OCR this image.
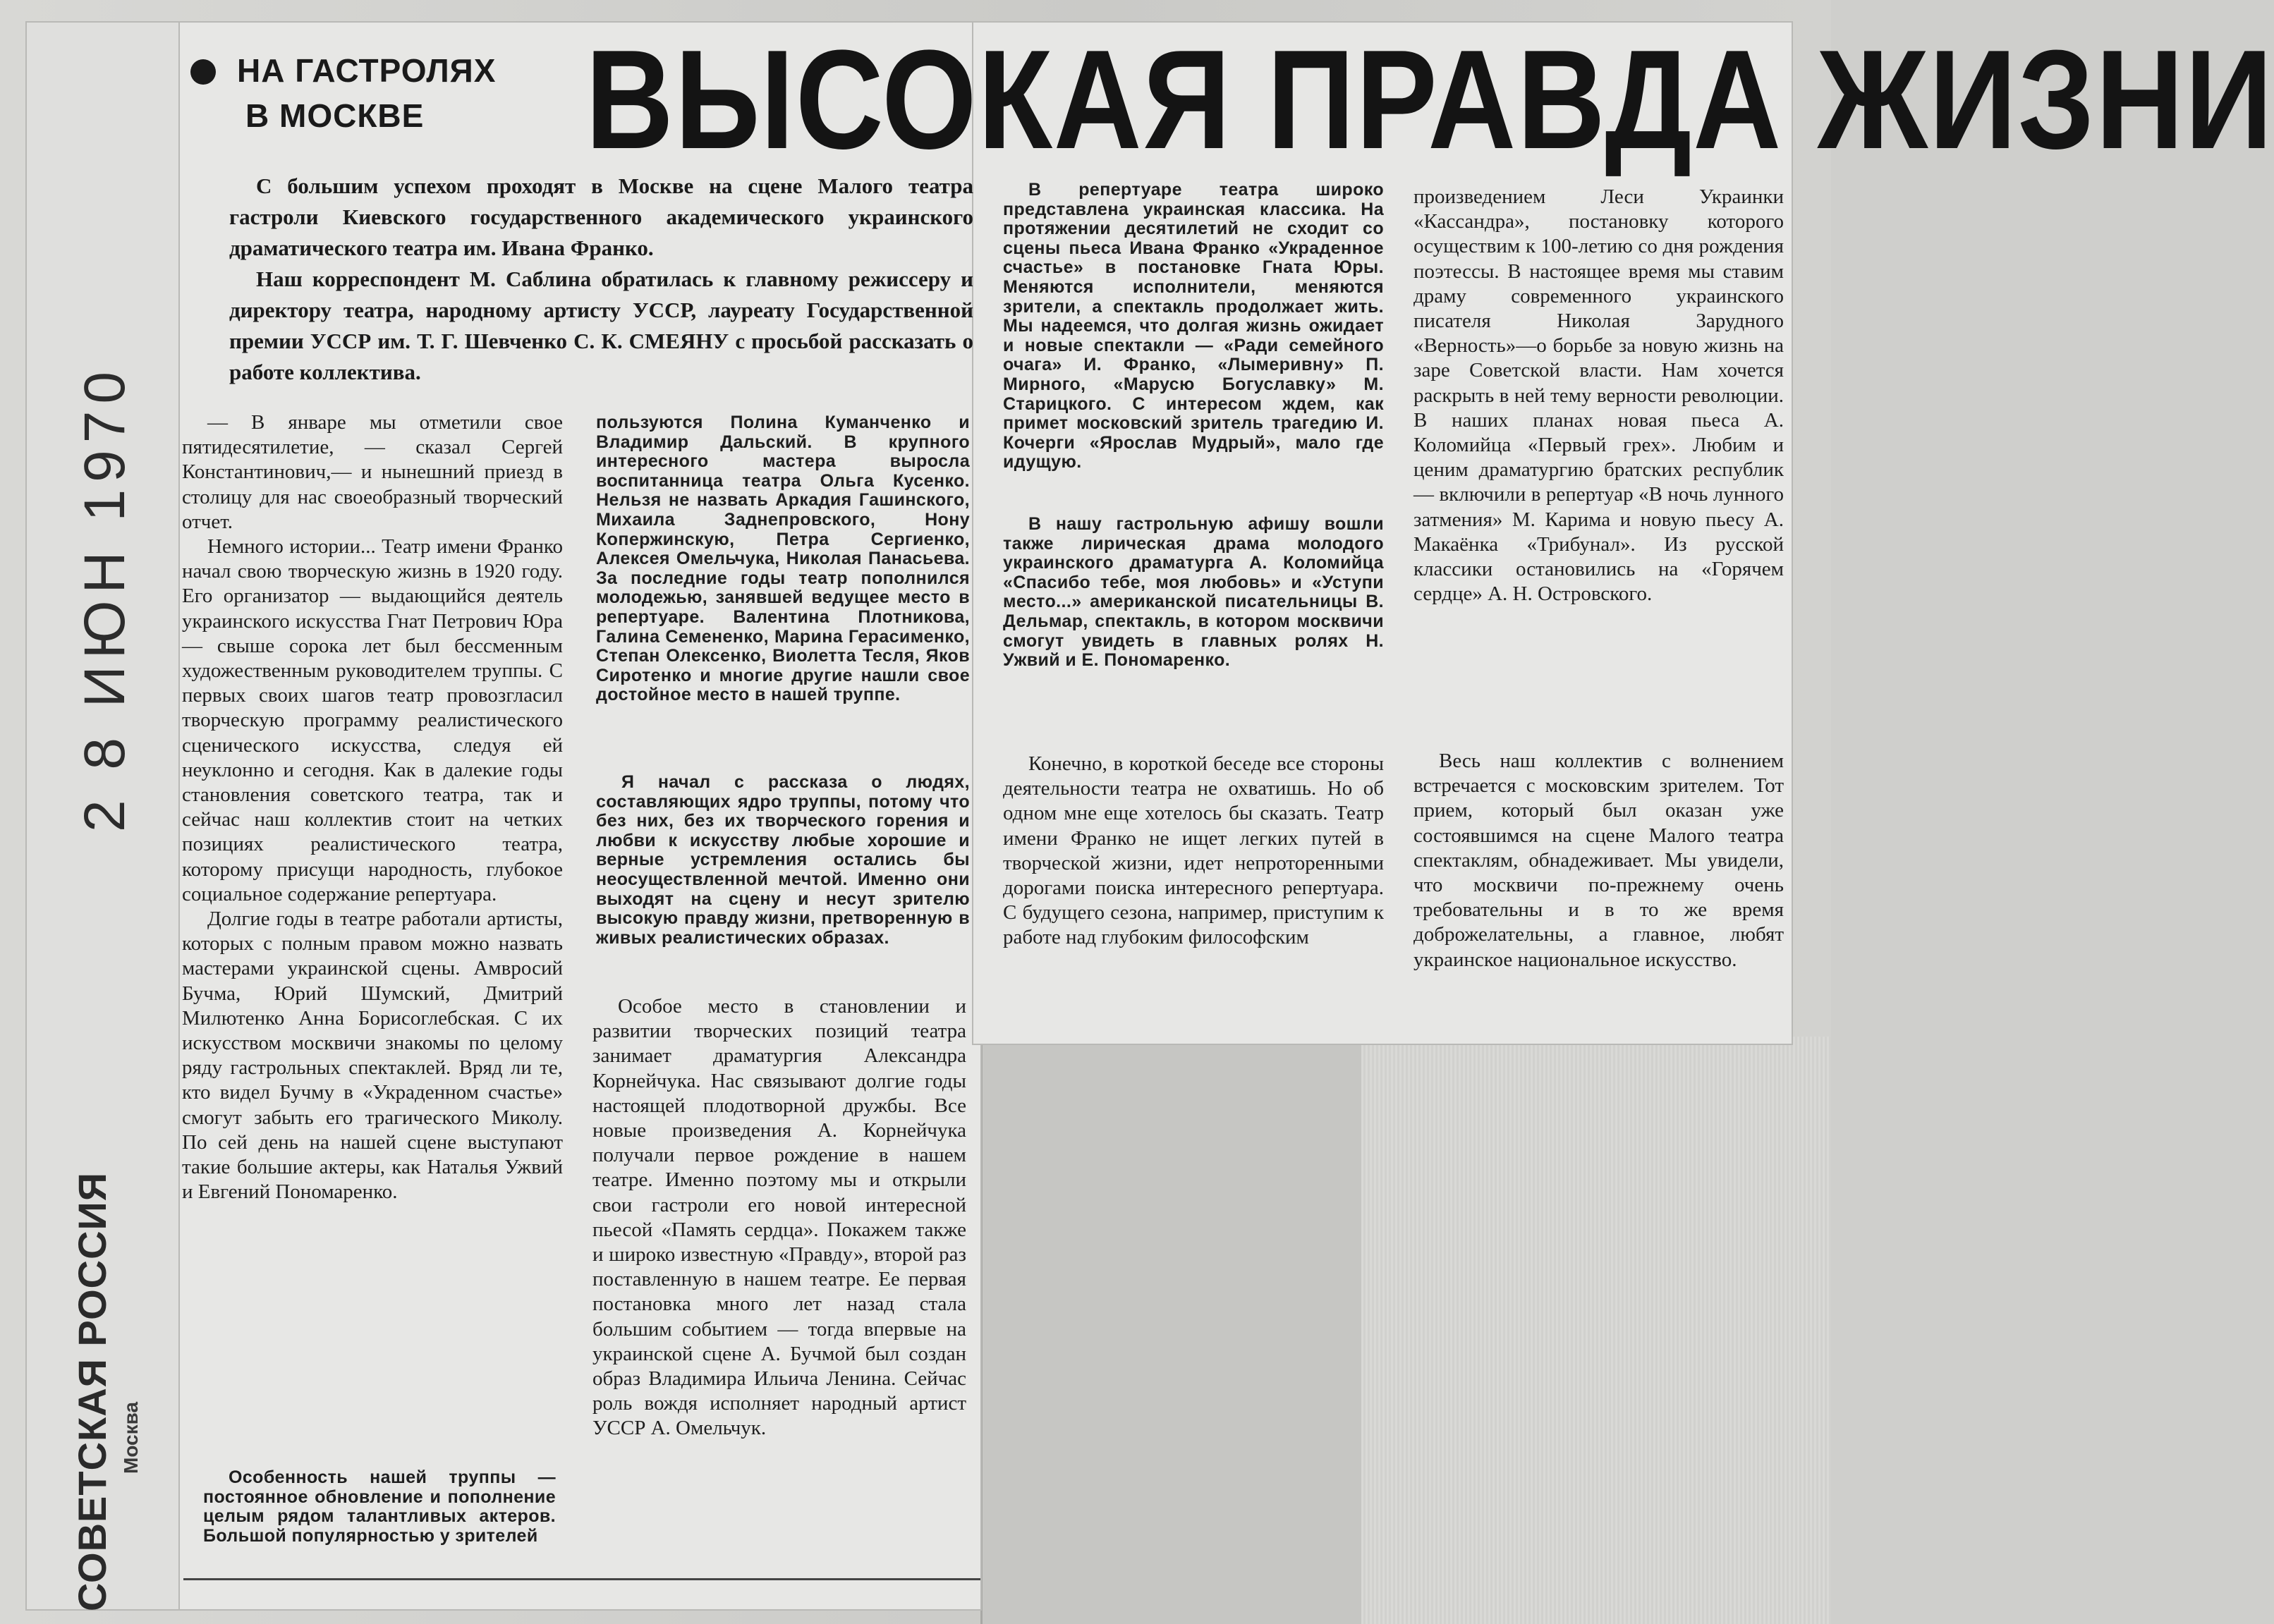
НА ГАСТРОЛЯХ
В МОСКВЕ	ВЫСОКАЯ ПРАВДА ЖИЗНИ

С большим успехом проходят в Москве на сцене Малого театра гастроли Киевского государственного академического украинского драматического театра им. Ивана Франко.

Наш корреспондент М. Саблина обратилась к главному режиссеру и директору театра, народному артисту УССР, лауреату Государственной премии УССР им. Т. Г. Шевченко С. К. СМЕЯНУ с просьбой рассказать о работе коллектива.

— В январе мы отметили свое пятидесятилетие, — сказал Сергей Константинович,— и нынешний приезд в столицу для нас своеобразный творческий отчет.

Немного истории... Театр имени Франко начал свою творческую жизнь в 1920 году. Его организатор — выдающийся деятель украинского искусства Гнат Петрович Юра — свыше сорока лет был бессменным художественным руководителем труппы. С первых своих шагов театр провозгласил творческую программу реалистического сценического искусства, следуя ей неуклонно и сегодня. Как в далекие годы становления советского театра, так и сейчас наш коллектив стоит на четких позициях реалистического театра, которому присущи народность, глубокое социальное содержание репертуара.

Долгие годы в театре работали артисты, которых с полным правом можно назвать мастерами украинской сцены. Амвросий Бучма, Юрий Шумский, Дмитрий Милютенко Анна Борисоглебская. С их искусством москвичи знакомы по целому ряду гастрольных спектаклей. Вряд ли те, кто видел Бучму в «Украденном счастье» смогут забыть его трагического Миколу. По сей день на нашей сцене выступают такие большие актеры, как Наталья Ужвий и Евгений Пономаренко.

Особенность нашей труппы — постоянное обновление и пополнение целым рядом талантливых актеров. Большой популярностью у зрителей

пользуются Полина Куманченко и Владимир Дальский. В крупного интересного мастера выросла воспитанница театра Ольга Кусенко. Нельзя не назвать Аркадия Гашинского, Михаила Заднепровского, Нону Копержинскую, Петра Сергиенко, Алексея Омельчука, Николая Панасьева. За последние годы театр пополнился молодежью, занявшей ведущее место в репертуаре. Валентина Плотникова, Галина Семененко, Марина Герасименко, Степан Олексенко, Виолетта Тесля, Яков Сиротенко и многие другие нашли свое достойное место в нашей труппе.

Я начал с рассказа о людях, составляющих ядро труппы, потому что без них, без их творческого горения и любви к искусству любые хорошие и верные устремления остались бы неосуществленной мечтой. Именно они выходят на сцену и несут зрителю высокую правду жизни, претворенную в живых реалистических образах.

Особое место в становлении и развитии творческих позиций театра занимает драматургия Александра Корнейчука. Нас связывают долгие годы настоящей плодотворной дружбы. Все новые произведения А. Корнейчука получали первое рождение в нашем театре. Именно поэтому мы и открыли свои гастроли его новой интересной пьесой «Память сердца». Покажем также и широко известную «Правду», второй раз поставленную в нашем театре. Ее первая постановка много лет назад стала большим событием — тогда впервые на украинской сцене А. Бучмой был создан образ Владимира Ильича Ленина. Сейчас роль вождя исполняет народный артист УССР А. Омельчук.

В репертуаре театра широко представлена украинская классика. На протяжении десятилетий не сходит со сцены пьеса Ивана Франко «Украденное счастье» в постановке Гната Юры. Меняются исполнители, меняются зрители, а спектакль продолжает жить. Мы надеемся, что долгая жизнь ожидает и новые спектакли — «Ради семейного очага» И. Франко, «Лымеривну» П. Мирного, «Марусю Богуславку» М. Старицкого. С интересом ждем, как примет московский зритель трагедию И. Кочерги «Ярослав Мудрый», мало где идущую.

В нашу гастрольную афишу вошли также лирическая драма молодого украинского драматурга А. Коломийца «Спасибо тебе, моя любовь» и «Уступи место...» американской писательницы В. Дельмар, спектакль, в котором москвичи смогут увидеть в главных ролях Н. Ужвий и Е. Пономаренко.

Конечно, в короткой беседе все стороны деятельности театра не охватишь. Но об одном мне еще хотелось бы сказать. Театр имени Франко не ищет легких путей в творческой жизни, идет непроторенными дорогами поиска интересного репертуара. С будущего сезона, например, приступим к работе над глубоким философским

произведением Леси Украинки «Кассандра», постановку которого осуществим к 100-летию со дня рождения поэтессы. В настоящее время мы ставим драму современного украинского писателя Николая Зарудного «Верность»—о борьбе за новую жизнь на заре Советской власти. Нам хочется раскрыть в ней тему верности революции. В наших планах новая пьеса А. Коломийца «Первый грех». Любим и ценим драматургию братских республик — включили в репертуар «В ночь лунного затмения» М. Карима и новую пьесу А. Макаёнка «Трибунал». Из русской классики остановились на «Горячем сердце» А. Н. Островского.

Весь наш коллектив с волнением встречается с московским зрителем. Тот прием, который был оказан уже состоявшимся на сцене Малого театра спектаклям, обнадеживает. Мы увидели, что москвичи по-прежнему очень требовательны и в то же время доброжелательны, а главное, любят украинское национальное искусство.

2 8 ИЮН 1970
СОВЕТСКАЯ РОССИЯ Москва
